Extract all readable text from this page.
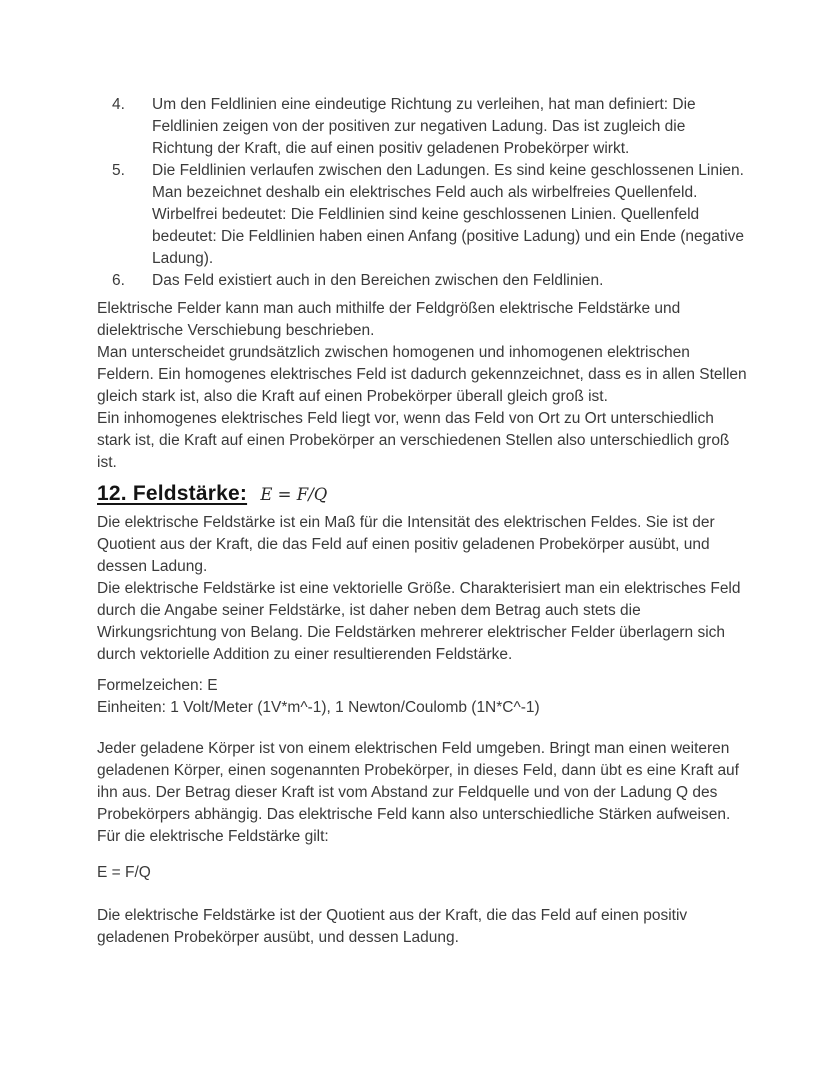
4.	Um den Feldlinien eine eindeutige Richtung zu verleihen, hat man definiert: Die Feldlinien zeigen von der positiven zur negativen Ladung. Das ist zugleich die Richtung der Kraft, die auf einen positiv geladenen Probekörper wirkt.
5.	Die Feldlinien verlaufen zwischen den Ladungen. Es sind keine geschlossenen Linien. Man bezeichnet deshalb ein elektrisches Feld auch als wirbelfreies Quellenfeld. Wirbelfrei bedeutet: Die Feldlinien sind keine geschlossenen Linien. Quellenfeld bedeutet: Die Feldlinien haben einen Anfang (positive Ladung) und ein Ende (negative Ladung).
6.	Das Feld existiert auch in den Bereichen zwischen den Feldlinien.

Elektrische Felder kann man auch mithilfe der Feldgrößen elektrische Feldstärke und dielektrische Verschiebung beschrieben.

Man unterscheidet grundsätzlich zwischen homogenen und inhomogenen elektrischen Feldern. Ein homogenes elektrisches Feld ist dadurch gekennzeichnet, dass es in allen Stellen gleich stark ist, also die Kraft auf einen Probekörper überall gleich groß ist.

Ein inhomogenes elektrisches Feld liegt vor, wenn das Feld von Ort zu Ort unterschiedlich stark ist, die Kraft auf einen Probekörper an verschiedenen Stellen also unterschiedlich groß ist.

12. Feldstärke: E = F/Q

Die elektrische Feldstärke ist ein Maß für die Intensität des elektrischen Feldes. Sie ist der Quotient aus der Kraft, die das Feld auf einen positiv geladenen Probekörper ausübt, und dessen Ladung.

Die elektrische Feldstärke ist eine vektorielle Größe. Charakterisiert man ein elektrisches Feld durch die Angabe seiner Feldstärke, ist daher neben dem Betrag auch stets die Wirkungsrichtung von Belang. Die Feldstärken mehrerer elektrischer Felder überlagern sich durch vektorielle Addition zu einer resultierenden Feldstärke.

Formelzeichen: E

Einheiten: 1 Volt/Meter (1V*m^-1), 1 Newton/Coulomb (1N*C^-1)

Jeder geladene Körper ist von einem elektrischen Feld umgeben. Bringt man einen weiteren geladenen Körper, einen sogenannten Probekörper, in dieses Feld, dann übt es eine Kraft auf ihn aus. Der Betrag dieser Kraft ist vom Abstand zur Feldquelle und von der Ladung Q des Probekörpers abhängig. Das elektrische Feld kann also unterschiedliche Stärken aufweisen. Für die elektrische Feldstärke gilt:

E = F/Q

Die elektrische Feldstärke ist der Quotient aus der Kraft, die das Feld auf einen positiv geladenen Probekörper ausübt, und dessen Ladung.
